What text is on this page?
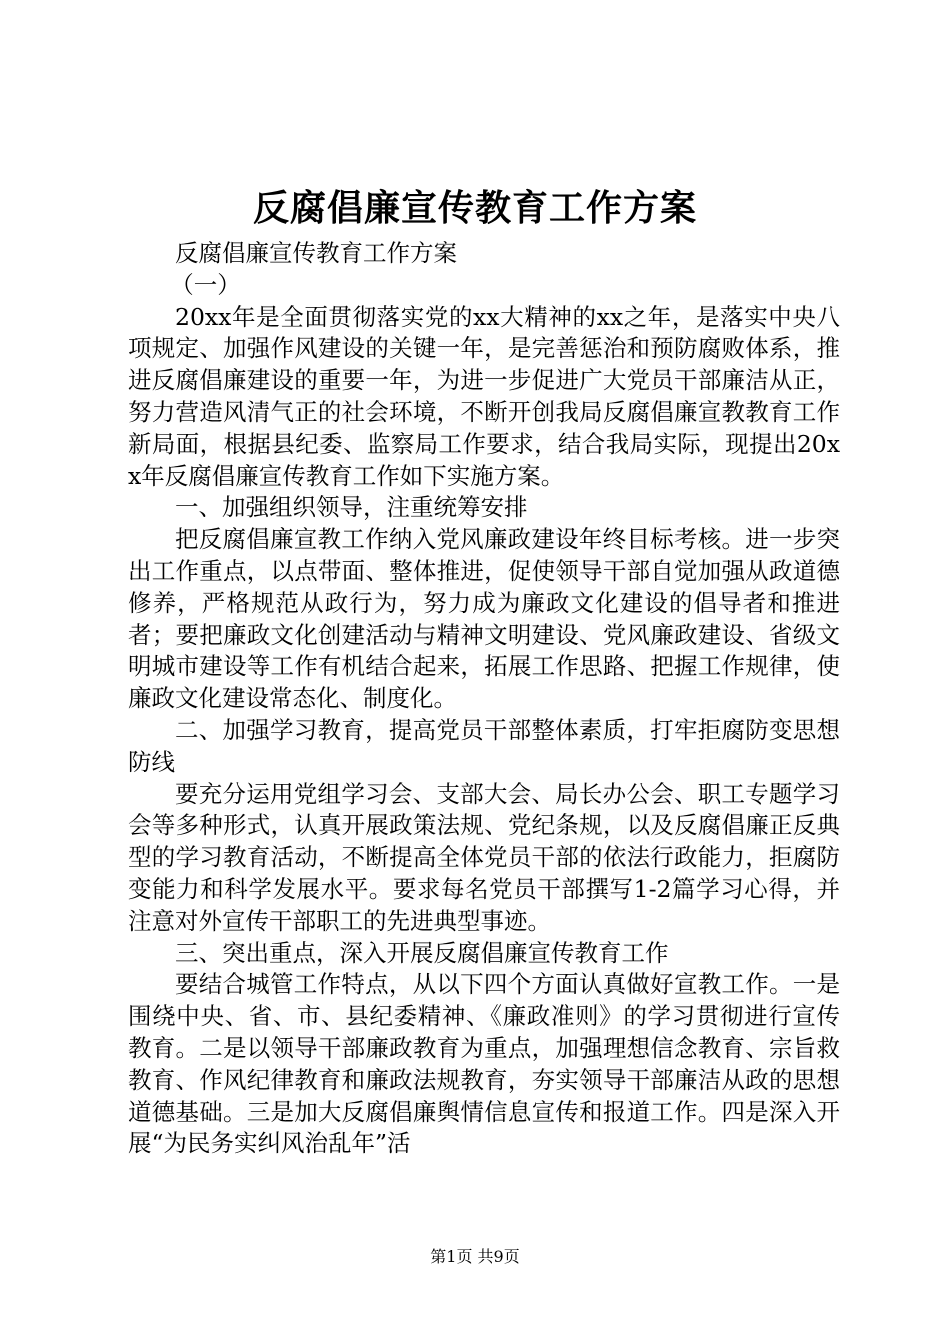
反腐倡廉宣传教育工作方案

反腐倡廉宣传教育工作方案

（一）

20xx年是全面贯彻落实党的xx大精神的xx之年，是落实中央八项规定、加强作风建设的关键一年，是完善惩治和预防腐败体系，推进反腐倡廉建设的重要一年，为进一步促进广大党员干部廉洁从正，努力营造风清气正的社会环境，不断开创我局反腐倡廉宣教教育工作新局面，根据县纪委、监察局工作要求，结合我局实际，现提出20xx年反腐倡廉宣传教育工作如下实施方案。

一、加强组织领导，注重统筹安排

把反腐倡廉宣教工作纳入党风廉政建设年终目标考核。进一步突出工作重点，以点带面、整体推进，促使领导干部自觉加强从政道德修养，严格规范从政行为，努力成为廉政文化建设的倡导者和推进者；要把廉政文化创建活动与精神文明建设、党风廉政建设、省级文明城市建设等工作有机结合起来，拓展工作思路、把握工作规律，使廉政文化建设常态化、制度化。

二、加强学习教育，提高党员干部整体素质，打牢拒腐防变思想防线

要充分运用党组学习会、支部大会、局长办公会、职工专题学习会等多种形式，认真开展政策法规、党纪条规，以及反腐倡廉正反典型的学习教育活动，不断提高全体党员干部的依法行政能力，拒腐防变能力和科学发展水平。要求每名党员干部撰写1-2篇学习心得，并注意对外宣传干部职工的先进典型事迹。

三、突出重点，深入开展反腐倡廉宣传教育工作

要结合城管工作特点，从以下四个方面认真做好宣教工作。一是围绕中央、省、市、县纪委精神、《廉政准则》的学习贯彻进行宣传教育。二是以领导干部廉政教育为重点，加强理想信念教育、宗旨救教育、作风纪律教育和廉政法规教育，夯实领导干部廉洁从政的思想道德基础。三是加大反腐倡廉舆情信息宣传和报道工作。四是深入开展“为民务实纠风治乱年”活

第1页 共9页
